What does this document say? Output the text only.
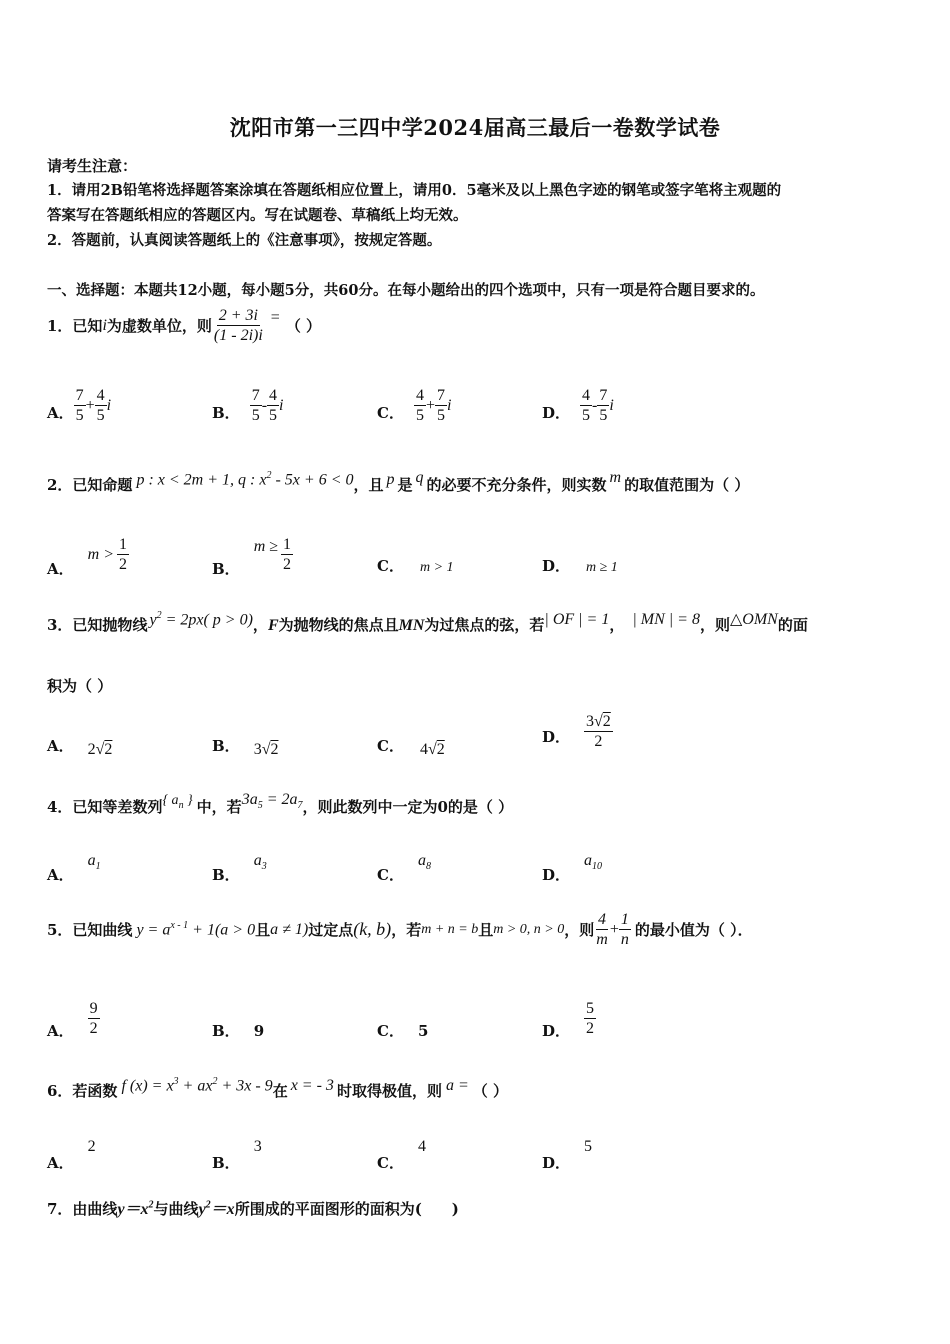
沈阳市第一三四中学2024届高三最后一卷数学试卷
请考生注意：
1．请用2B铅笔将选择题答案涂填在答题纸相应位置上，请用0．5毫米及以上黑色字迹的钢笔或签字笔将主观题的
答案写在答题纸相应的答题区内。写在试题卷、草稿纸上均无效。
2．答题前，认真阅读答题纸上的《注意事项》，按规定答题。
一、选择题：本题共12小题，每小题5分，共60分。在每小题给出的四个选项中，只有一项是符合题目要求的。
1．已知 i 为虚数单位，则 $\frac{2 + 3i}{(1 - 2i)i}$ = （ ）
A． $\frac{7}{5} + \frac{4}{5}$ i	B． $\frac{7}{5} - \frac{4}{5}$ i	C． $\frac{4}{5} + \frac{7}{5}$ i	D． $\frac{4}{5} - \frac{7}{5}$ i
2．已知命题 p : x < 2m + 1, q : $x^2 - 5x + 6 < 0$ ，且 p 是 q 的必要不充分条件，则实数 m 的取值范围为（ ）
A．
$m > \frac{1}{2}$	B．
$m \ge \frac{1}{2}$	C． m > 1	D． m ≥ 1
3．已知抛物线 $y^2 = 2px$( p > 0) ， F 为抛物线的焦点且 MN 为过焦点的弦，若 | OF | = 1 ， | MN | = 8 ，则 △OMN 的面
积为（ ）
A． 2√2	B． 3√2	C． 4√2
D． $\frac{3√2}{2}$
4．已知等差数列 { $a_n$ } 中，若 $3a_5 = 2a_7$ ，则此数列中一定为0的是（ ）
A．
$a_1$	B．
$a_3$	C．
$a_8$	D．
$a_{10}$
5．已知曲线 $y = a^{x - 1} + 1(a > 0$ 且 a ≠ 1) 过定点 (k, b) ，若 m + n = b 且 m > 0, n > 0 ，则 $\frac{4}{m} + \frac{1}{n}$ 的最小值为（ ）．
A． $\frac{9}{2}$	B． 9	C． 5	D． $\frac{5}{2}$
6．若函数 f $(x) = x^3 + ax^2 + 3x - 9$ 在 x = - 3 时取得极值，则 a = （ ）
A．
2
B．
3
C．
4
D．
5
7．由曲线 $y=x^2$ 与曲线 $y^2=x$ 所围成的平面图形的面积为(　　)
